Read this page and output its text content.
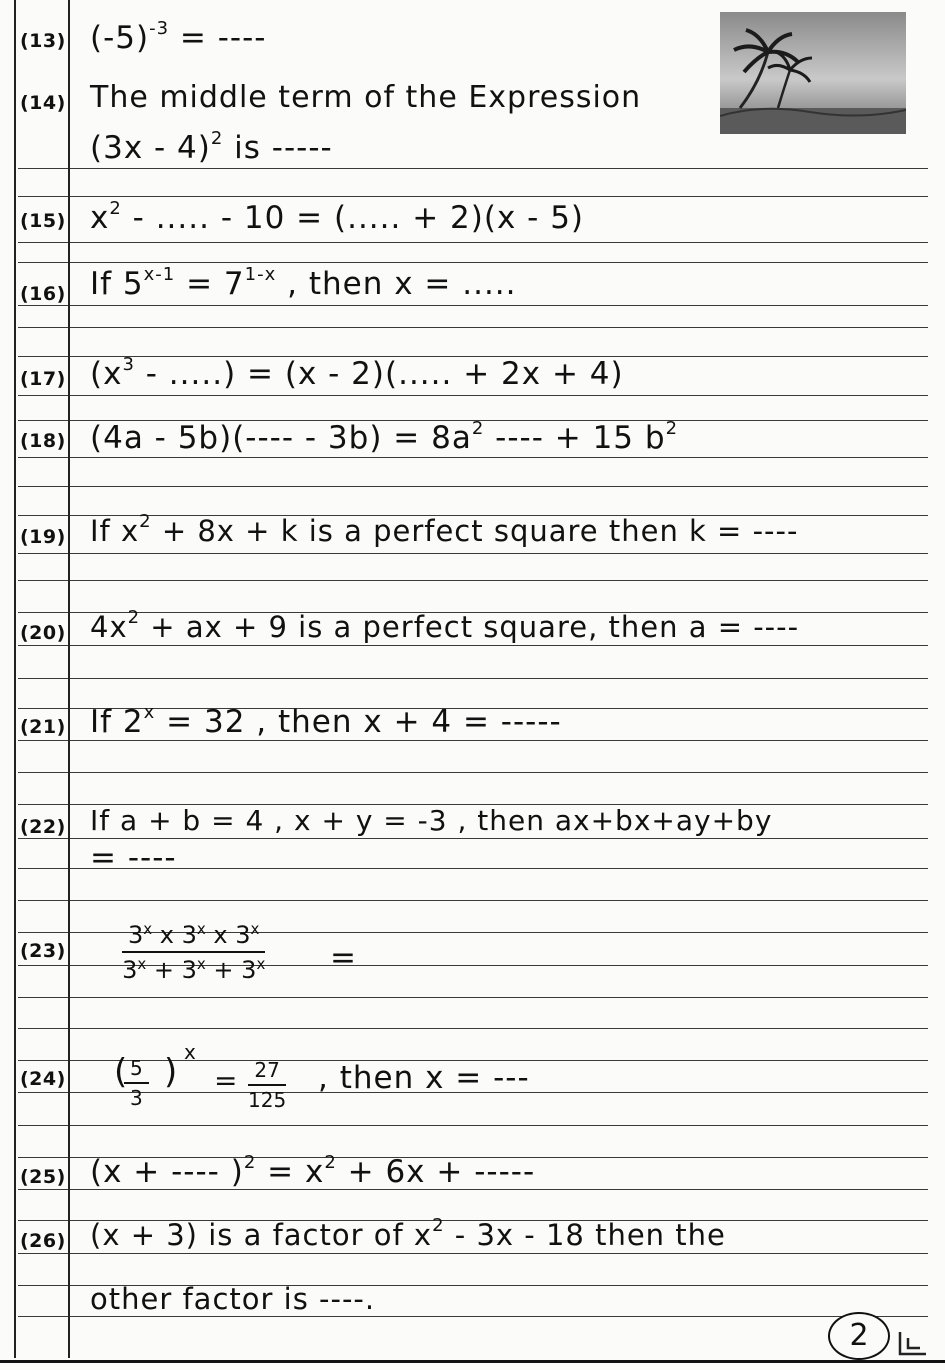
(13) $(-5)^{-3}$ = ----
(14) The middle term of the Expression
(3x - 4)$^2$ is -----
(15) $x^2$ - ..... - 10 = (..... + 2)(x - 5)
(16) If $5^{x-1} = 7^{1-x}$ , then x = .....
(17) ($x^3$ - .....) = (x - 2)(..... + 2x + 4)
(18) $(4a - 5b)(---- - 3b) = 8a^2$ ---- + 15 $b^2$
(19) If $x^2 + 8x + k$ is a perfect square then k = ----
(20) $4x^2$ + ax + 9 is a perfect square, then a = ----
(21) If $2^x = 32$ , then x + 4 = -----
(22) If a + b = 4 , x + y = -3 , then ax+bx+ay+by
= ----
$(23) \frac{3^x x 3^x x 3^x}{3^x + 3^x + 3^x}$ =
(24) (
$\frac{5}{3}$ ) x
= $\frac{27}{125}$ , then x = ---
(25) (x + ---- )$^2 = x^2 + 6x$ + -----
(26) (x + 3) is a factor of $x^2 - 3x - 18$ then the
other factor is ----.
2
